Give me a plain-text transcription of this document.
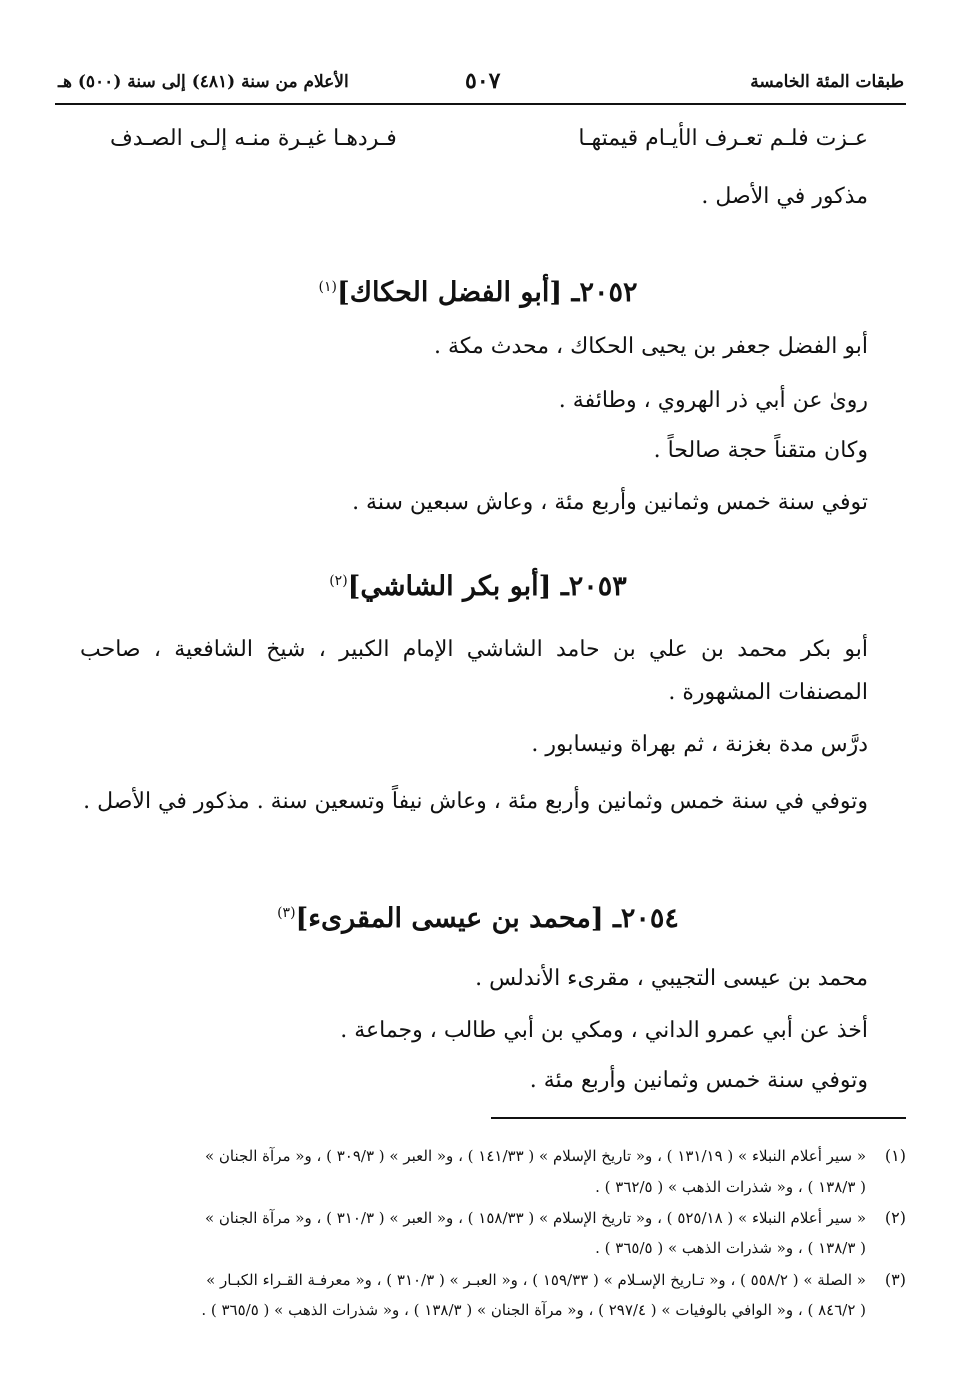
طبقات المئة الخامسة
٥٠٧
الأعلام من سنة (٤٨١) إلى سنة (٥٠٠) هـ
عـزت فلـم تعـرف الأيـام قيمتهـا
فـردهـا غيـرة منـه إلـى الصـدف
مذكور في الأصل .
٢٠٥٢ـ [أبو الفضل الحكاك]$^{(١)}$
أبو الفضل جعفر بن يحيى الحكاك ، محدث مكة .
روىٰ عن أبي ذر الهروي ، وطائفة .
وكان متقناً حجة صالحاً .
توفي سنة خمس وثمانين وأربع مئة ، وعاش سبعين سنة .
٢٠٥٣ـ [أبو بكر الشاشي]$^{(٢)}$
أبو بكر محمد بن علي بن حامد الشاشي الإمام الكبير ، شيخ الشافعية ، صاحب المصنفات المشهورة .
درَّس مدة بغزنة ، ثم بهراة ونيسابور .
وتوفي في سنة خمس وثمانين وأربع مئة ، وعاش نيفاً وتسعين سنة . مذكور في الأصل .
٢٠٥٤ـ [محمد بن عيسى المقرىء]$^{(٣)}$
محمد بن عيسى التجيبي ، مقرىء الأندلس .
أخذ عن أبي عمرو الداني ، ومكي بن أبي طالب ، وجماعة .
وتوفي سنة خمس وثمانين وأربع مئة .
(١)
« سير أعلام النبلاء » ( ١٣١/١٩ ) ، و« تاريخ الإسلام » ( ١٤١/٣٣ ) ، و« العبر » ( ٣٠٩/٣ ) ، و« مرآة الجنان »
( ١٣٨/٣ ) ، و« شذرات الذهب » ( ٣٦٢/٥ ) .
(٢)
« سير أعلام النبلاء » ( ٥٢٥/١٨ ) ، و« تاريخ الإسلام » ( ١٥٨/٣٣ ) ، و« العبر » ( ٣١٠/٣ ) ، و« مرآة الجنان »
( ١٣٨/٣ ) ، و« شذرات الذهب » ( ٣٦٥/٥ ) .
(٣)
« الصلة » ( ٥٥٨/٢ ) ، و« تـاريخ الإسـلام » ( ١٥٩/٣٣ ) ، و« العبـر » ( ٣١٠/٣ ) ، و« معرفـة القـراء الكبـار »
( ٨٤٦/٢ ) ، و« الوافي بالوفيات » ( ٢٩٧/٤ ) ، و« مرآة الجنان » ( ١٣٨/٣ ) ، و« شذرات الذهب » ( ٣٦٥/٥ ) .
